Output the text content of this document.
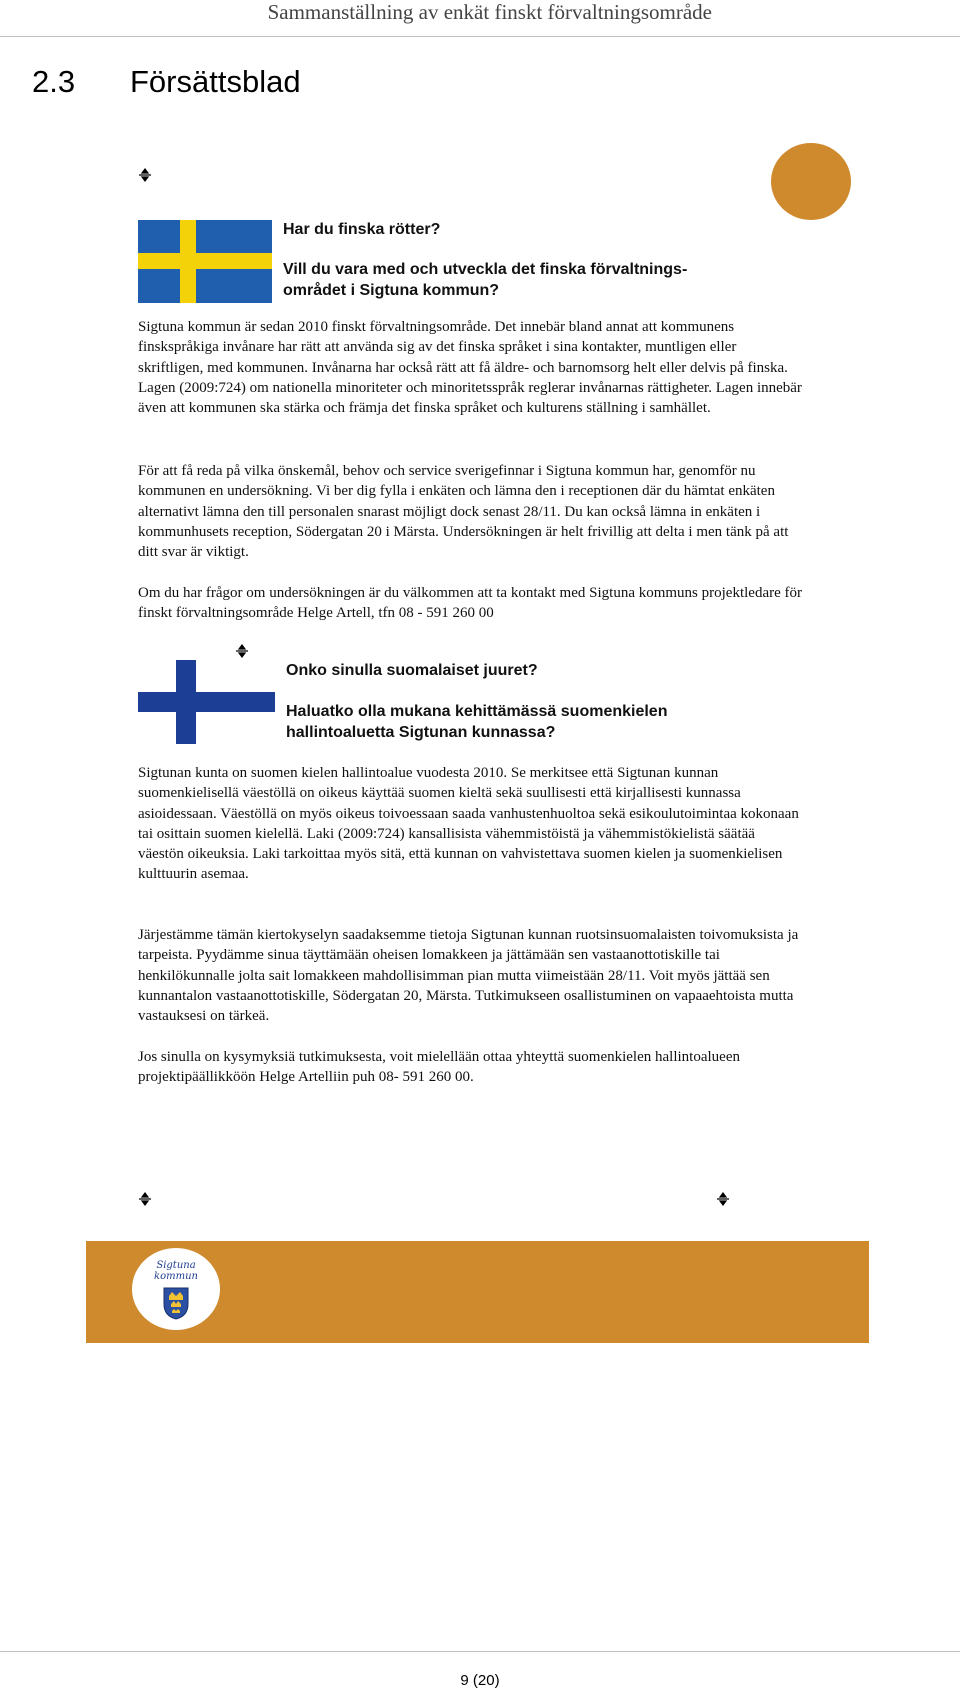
Sammanställning av enkät finskt förvaltningsområde
2.3 Försättsblad
Har du finska rötter?
Vill du vara med och utveckla det finska förvaltnings-
området i Sigtuna kommun?
Sigtuna kommun är sedan 2010 finskt förvaltningsområde. Det innebär bland annat att kommunens finskspråkiga invånare har rätt att använda sig av det finska språket i sina kontakter, muntligen eller skriftligen, med kommunen. Invånarna har också rätt att få äldre- och barnomsorg helt eller delvis på finska. Lagen (2009:724) om nationella minoriteter och minoritetsspråk reglerar invånarnas rättigheter. Lagen innebär även att kommunen ska stärka och främja det finska språket och kulturens ställning i samhället.
För att få reda på vilka önskemål, behov och service sverigefinnar i Sigtuna kommun har, genomför nu kommunen en undersökning. Vi ber dig fylla i enkäten och lämna den i receptionen där du hämtat enkäten alternativt lämna den till personalen snarast möjligt dock senast 28/11. Du kan också lämna in enkäten i kommunhusets reception, Södergatan 20 i Märsta. Undersökningen är helt frivillig att delta i men tänk på att ditt svar är viktigt.
Om du har frågor om undersökningen är du välkommen att ta kontakt med Sigtuna kommuns projektledare för finskt förvaltningsområde Helge Artell, tfn 08 - 591 260 00
Onko sinulla suomalaiset juuret?
Haluatko olla mukana kehittämässä suomenkielen
hallintoaluetta Sigtunan kunnassa?
Sigtunan kunta on suomen kielen hallintoalue vuodesta 2010. Se merkitsee että Sigtunan kunnan suomenkielisellä väestöllä on oikeus käyttää suomen kieltä sekä suullisesti että kirjallisesti kunnassa asioidessaan. Väestöllä on myös oikeus toivoessaan saada vanhustenhuoltoa sekä esikoulutoimintaa kokonaan tai osittain suomen kielellä. Laki (2009:724) kansallisista vähemmistöistä ja vähemmistökielistä säätää väestön oikeuksia. Laki tarkoittaa myös sitä, että kunnan on vahvistettava suomen kielen ja suomenkielisen kulttuurin asemaa.
Järjestämme tämän kiertokyselyn saadaksemme tietoja Sigtunan kunnan ruotsinsuomalaisten toivomuksista ja tarpeista. Pyydämme sinua täyttämään oheisen lomakkeen ja jättämään sen vastaanottotiskille tai henkilökunnalle jolta sait lomakkeen mahdollisimman pian mutta viimeistään 28/11. Voit myös jättää sen kunnantalon vastaanottotiskille, Södergatan 20, Märsta. Tutkimukseen osallistuminen on vapaaehtoista mutta vastauksesi on tärkeä.
Jos sinulla on kysymyksiä tutkimuksesta, voit mielellään ottaa yhteyttä suomenkielen hallintoalueen projektipäällikköön Helge Artelliin puh 08- 591 260 00.
Sigtuna
kommun
9 (20)
